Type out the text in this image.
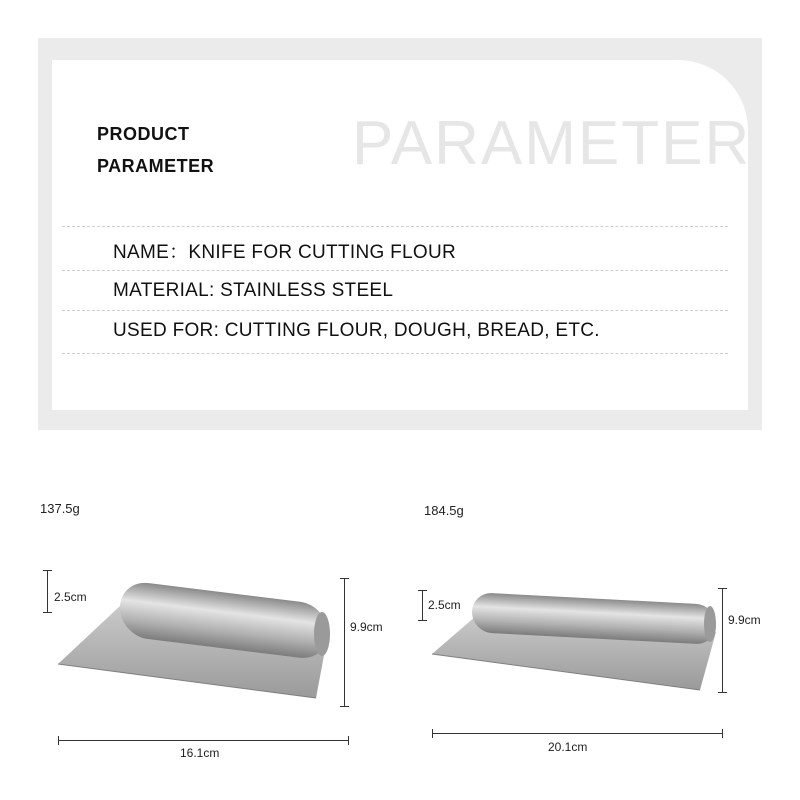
PRODUCT
PARAMETER PARAMETER
NAME：KNIFE FOR CUTTING FLOUR
MATERIAL: STAINLESS STEEL
USED FOR: CUTTING FLOUR, DOUGH, BREAD, ETC.
137.5g
2.5cm
9.9cm
16.1cm
184.5g
2.5cm
9.9cm
20.1cm
